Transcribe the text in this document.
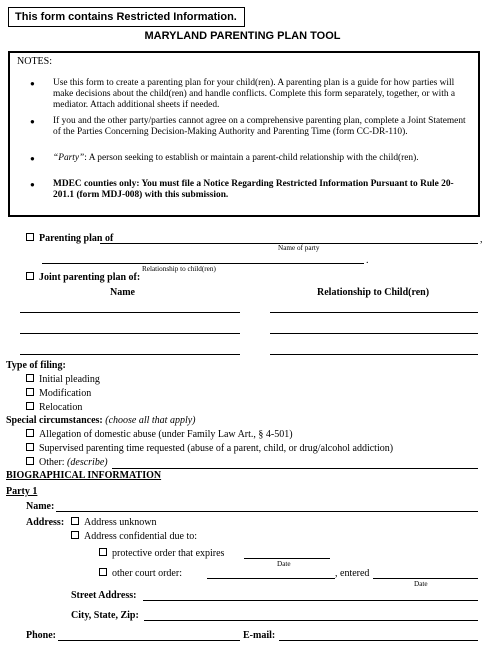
This form contains Restricted Information.
MARYLAND PARENTING PLAN TOOL
NOTES:
● Use this form to create a parenting plan for your child(ren). A parenting plan is a guide for how parties will make decisions about the child(ren) and handle conflicts. Complete this form separately, together, or with a mediator. Attach additional sheets if needed.
● If you and the other party/parties cannot agree on a comprehensive parenting plan, complete a Joint Statement of the Parties Concerning Decision-Making Authority and Parenting Time (form CC-DR-110).
● “Party”: A person seeking to establish or maintain a parent-child relationship with the child(ren).
● MDEC counties only: You must file a Notice Regarding Restricted Information Pursuant to Rule 20-201.1 (form MDJ-008) with this submission.
Parenting plan of	,
Name of party
.
Relationship to child(ren)
Joint parenting plan of:
Name	Relationship to Child(ren)
Type of filing:
Initial pleading
Modification
Relocation
Special circumstances: (choose all that apply)
Allegation of domestic abuse (under Family Law Art., § 4-501)
Supervised parenting time requested (abuse of a parent, child, or drug/alcohol addiction)
Other: (describe)
BIOGRAPHICAL INFORMATION
Party 1
Name:
Address:	Address unknown
Address confidential due to:
protective order that expires
Date
other court order:	, entered
Date
Street Address:
City, State, Zip:
Phone:	E-mail:
